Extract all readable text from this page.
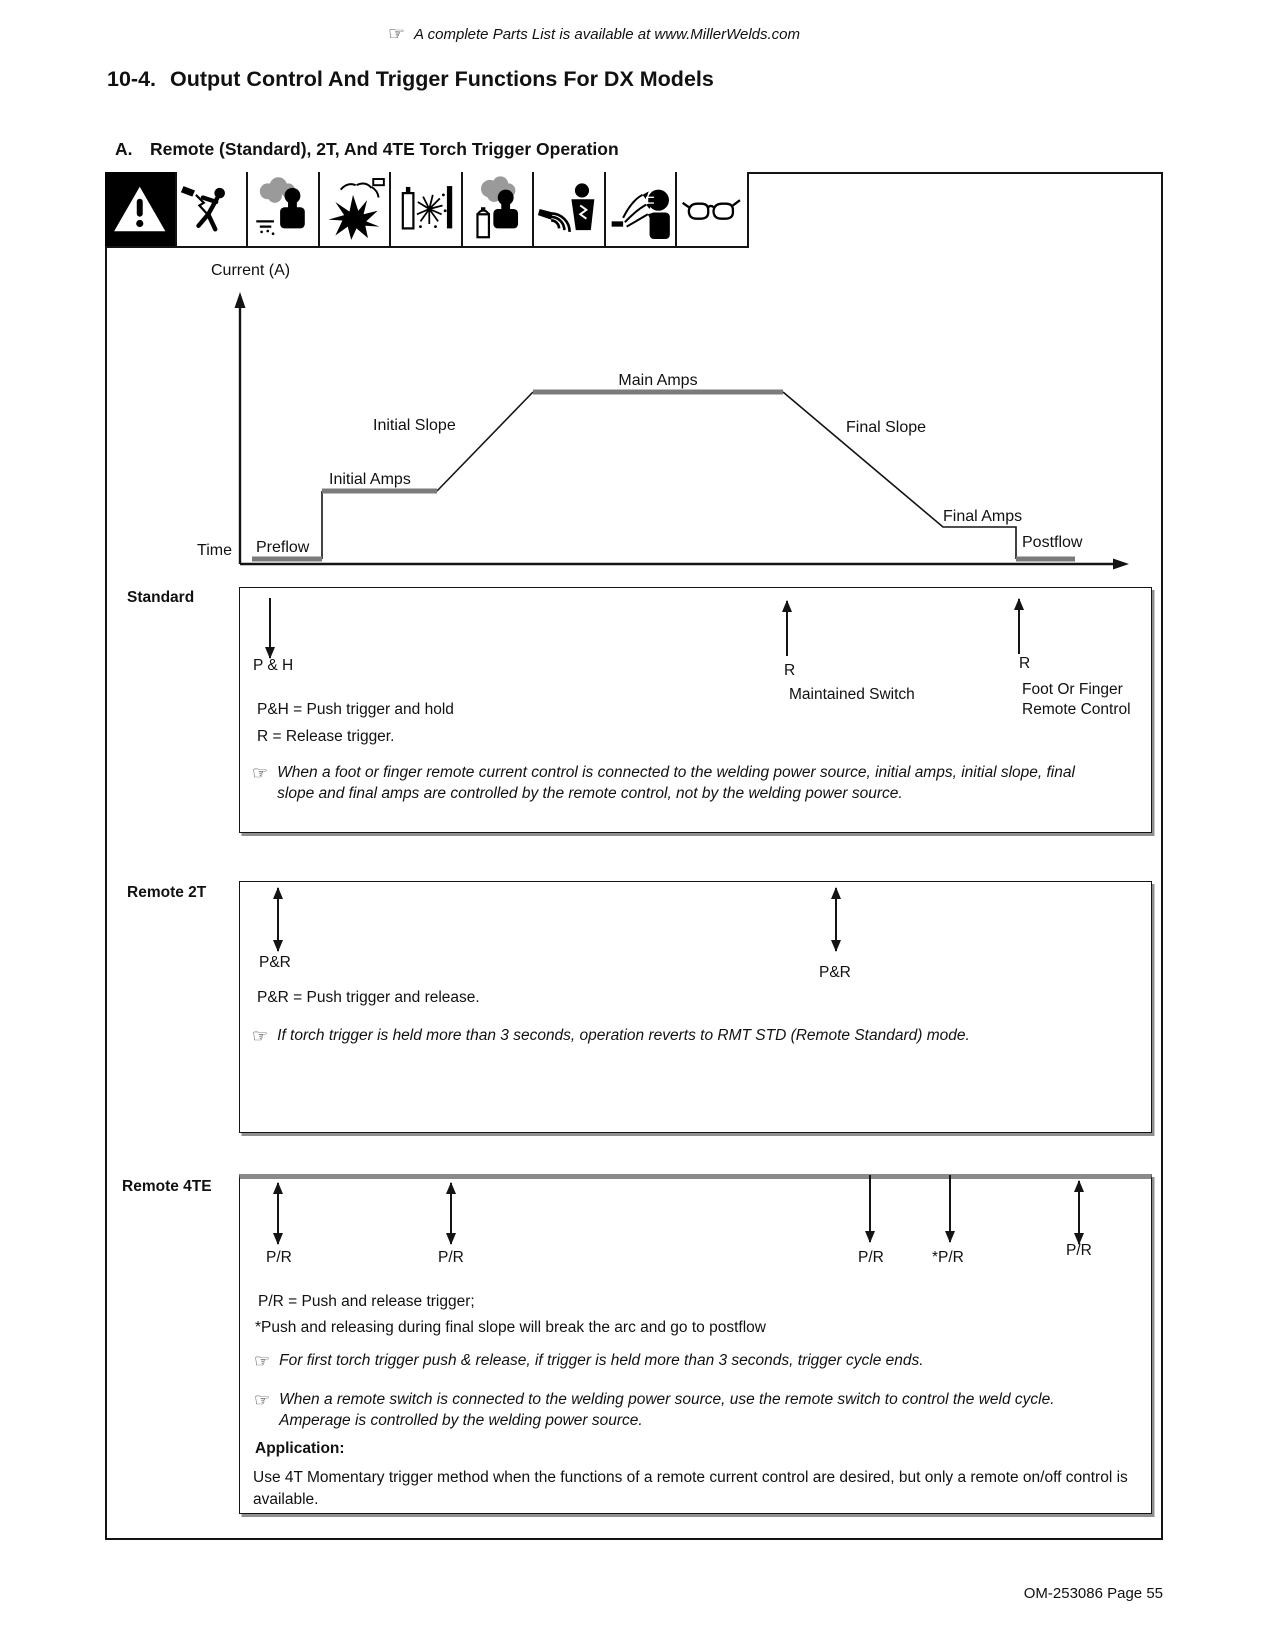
☞ A complete Parts List is available at www.MillerWelds.com
10-4. Output Control And Trigger Functions For DX Models
A. Remote (Standard), 2T, And 4TE Torch Trigger Operation
Current (A)
Time Preflow
Initial Amps
Initial Slope
Main Amps
Final Slope
Final Amps
Postflow
Standard
P & H	R
Maintained Switch
R
Foot Or Finger Remote Control
P&H = Push trigger and hold
R = Release trigger.
☞ When a foot or finger remote current control is connected to the welding power source, initial amps, initial slope, final slope and final amps are controlled by the remote control, not by the welding power source.
Remote 2T
P&R
P&R
P&R = Push trigger and release.
☞ If torch trigger is held more than 3 seconds, operation reverts to RMT STD (Remote Standard) mode.
Remote 4TE
P/R	P/R	P/R	*P/R	P/R
P/R = Push and release trigger;
*Push and releasing during final slope will break the arc and go to postflow
☞ For first torch trigger push & release, if trigger is held more than 3 seconds, trigger cycle ends.
☞ When a remote switch is connected to the welding power source, use the remote switch to control the weld cycle. Amperage is controlled by the welding power source.
Application:
Use 4T Momentary trigger method when the functions of a remote current control are desired, but only a remote on/off control is available.
OM-253086 Page 55
